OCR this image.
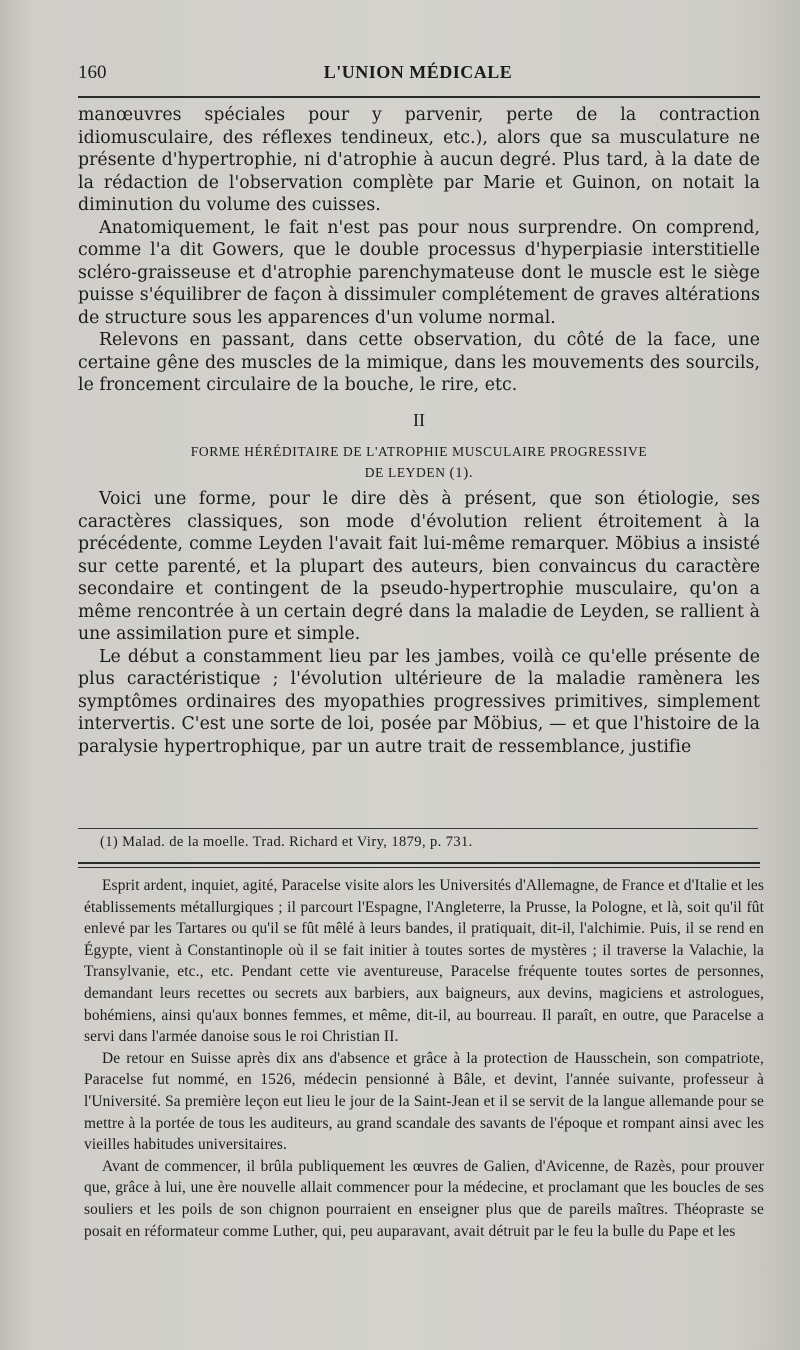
160	L'UNION MÉDICALE

manœuvres spéciales pour y parvenir, perte de la contraction idiomusculaire, des réflexes tendineux, etc.), alors que sa musculature ne présente d'hypertrophie, ni d'atrophie à aucun degré. Plus tard, à la date de la rédaction de l'observation complète par Marie et Guinon, on notait la diminution du volume des cuisses.

Anatomiquement, le fait n'est pas pour nous surprendre. On comprend, comme l'a dit Gowers, que le double processus d'hyperpiasie interstitielle scléro-graisseuse et d'atrophie parenchymateuse dont le muscle est le siège puisse s'équilibrer de façon à dissimuler complétement de graves altérations de structure sous les apparences d'un volume normal.

Relevons en passant, dans cette observation, du côté de la face, une certaine gêne des muscles de la mimique, dans les mouvements des sourcils, le froncement circulaire de la bouche, le rire, etc.

II
FORME HÉRÉDITAIRE DE L'ATROPHIE MUSCULAIRE PROGRESSIVE
DE LEYDEN (1).

Voici une forme, pour le dire dès à présent, que son étiologie, ses caractères classiques, son mode d'évolution relient étroitement à la précédente, comme Leyden l'avait fait lui-même remarquer. Möbius a insisté sur cette parenté, et la plupart des auteurs, bien convaincus du caractère secondaire et contingent de la pseudo-hypertrophie musculaire, qu'on a même rencontrée à un certain degré dans la maladie de Leyden, se rallient à une assimilation pure et simple.

Le début a constamment lieu par les jambes, voilà ce qu'elle présente de plus caractéristique ; l'évolution ultérieure de la maladie ramènera les symptômes ordinaires des myopathies progressives primitives, simplement intervertis. C'est une sorte de loi, posée par Möbius, — et que l'histoire de la paralysie hypertrophique, par un autre trait de ressemblance, justifie

(1) Malad. de la moelle. Trad. Richard et Viry, 1879, p. 731.

Esprit ardent, inquiet, agité, Paracelse visite alors les Universités d'Allemagne, de France et d'Italie et les établissements métallurgiques ; il parcourt l'Espagne, l'Angleterre, la Prusse, la Pologne, et là, soit qu'il fût enlevé par les Tartares ou qu'il se fût mêlé à leurs bandes, il pratiquait, dit-il, l'alchimie. Puis, il se rend en Égypte, vient à Constantinople où il se fait initier à toutes sortes de mystères ; il traverse la Valachie, la Transylvanie, etc., etc. Pendant cette vie aventureuse, Paracelse fréquente toutes sortes de personnes, demandant leurs recettes ou secrets aux barbiers, aux baigneurs, aux devins, magiciens et astrologues, bohémiens, ainsi qu'aux bonnes femmes, et même, dit-il, au bourreau. Il paraît, en outre, que Paracelse a servi dans l'armée danoise sous le roi Christian II.

De retour en Suisse après dix ans d'absence et grâce à la protection de Hausschein, son compatriote, Paracelse fut nommé, en 1526, médecin pensionné à Bâle, et devint, l'année suivante, professeur à l'Université. Sa première leçon eut lieu le jour de la Saint-Jean et il se servit de la langue allemande pour se mettre à la portée de tous les auditeurs, au grand scandale des savants de l'époque et rompant ainsi avec les vieilles habitudes universitaires.

Avant de commencer, il brûla publiquement les œuvres de Galien, d'Avicenne, de Razès, pour prouver que, grâce à lui, une ère nouvelle allait commencer pour la médecine, et proclamant que les boucles de ses souliers et les poils de son chignon pourraient en enseigner plus que de pareils maîtres. Théopraste se posait en réformateur comme Luther, qui, peu auparavant, avait détruit par le feu la bulle du Pape et les
